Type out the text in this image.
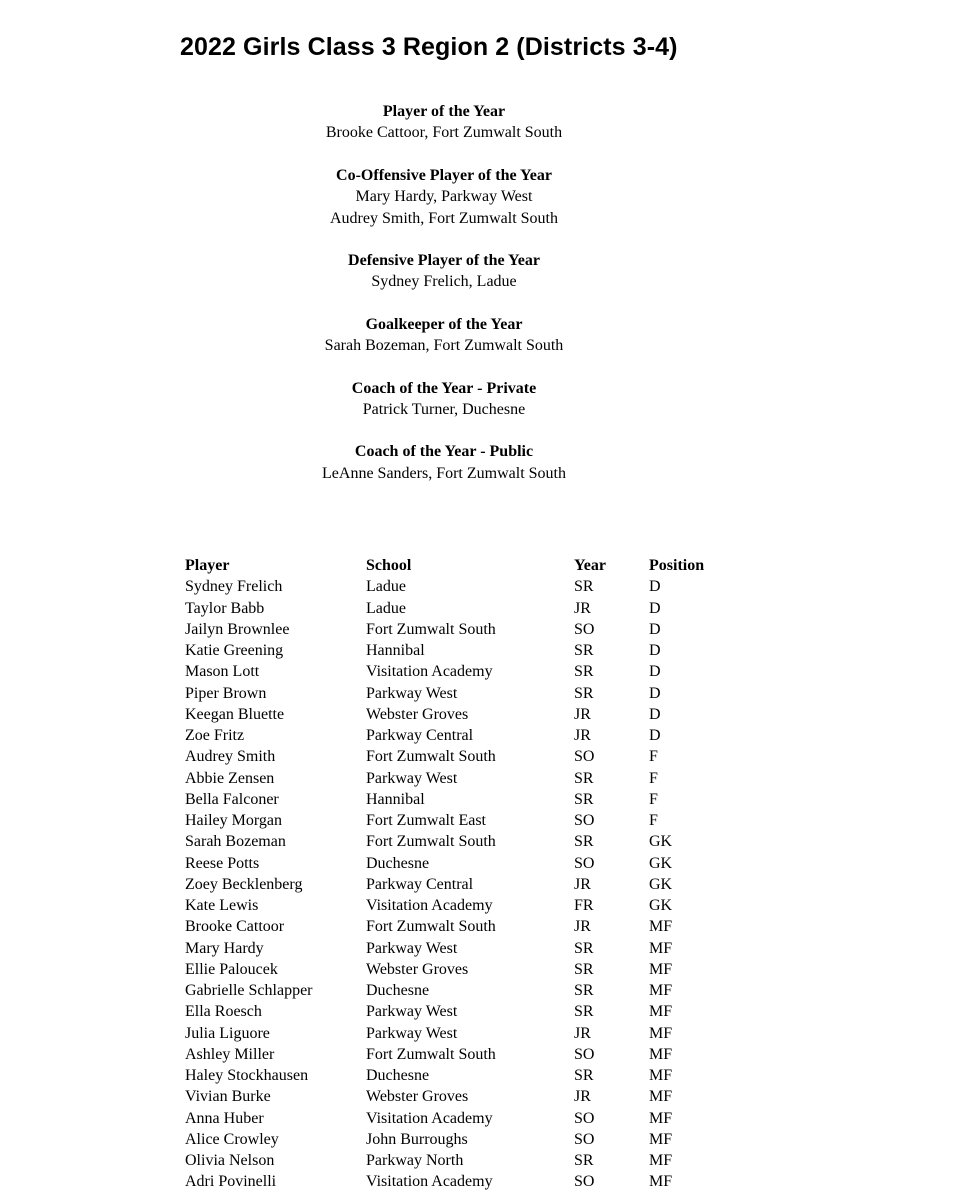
2022 Girls Class 3 Region 2 (Districts 3-4)
Player of the Year
Brooke Cattoor, Fort Zumwalt South
Co-Offensive Player of the Year
Mary Hardy, Parkway West
Audrey Smith, Fort Zumwalt South
Defensive Player of the Year
Sydney Frelich, Ladue
Goalkeeper of the Year
Sarah Bozeman, Fort Zumwalt South
Coach of the Year - Private
Patrick Turner, Duchesne
Coach of the Year - Public
LeAnne Sanders, Fort Zumwalt South
Player	School	Year	Position
Sydney Frelich	Ladue	SR	D
Taylor Babb	Ladue	JR	D
Jailyn Brownlee	Fort Zumwalt South	SO	D
Katie Greening	Hannibal	SR	D
Mason Lott	Visitation Academy	SR	D
Piper Brown	Parkway West	SR	D
Keegan Bluette	Webster Groves	JR	D
Zoe Fritz	Parkway Central	JR	D
Audrey Smith	Fort Zumwalt South	SO	F
Abbie Zensen	Parkway West	SR	F
Bella Falconer	Hannibal	SR	F
Hailey Morgan	Fort Zumwalt East	SO	F
Sarah Bozeman	Fort Zumwalt South	SR	GK
Reese Potts	Duchesne	SO	GK
Zoey Becklenberg	Parkway Central	JR	GK
Kate Lewis	Visitation Academy	FR	GK
Brooke Cattoor	Fort Zumwalt South	JR	MF
Mary Hardy	Parkway West	SR	MF
Ellie Paloucek	Webster Groves	SR	MF
Gabrielle Schlapper	Duchesne	SR	MF
Ella Roesch	Parkway West	SR	MF
Julia Liguore	Parkway West	JR	MF
Ashley Miller	Fort Zumwalt South	SO	MF
Haley Stockhausen	Duchesne	SR	MF
Vivian Burke	Webster Groves	JR	MF
Anna Huber	Visitation Academy	SO	MF
Alice Crowley	John Burroughs	SO	MF
Olivia Nelson	Parkway North	SR	MF
Adri Povinelli	Visitation Academy	SO	MF
